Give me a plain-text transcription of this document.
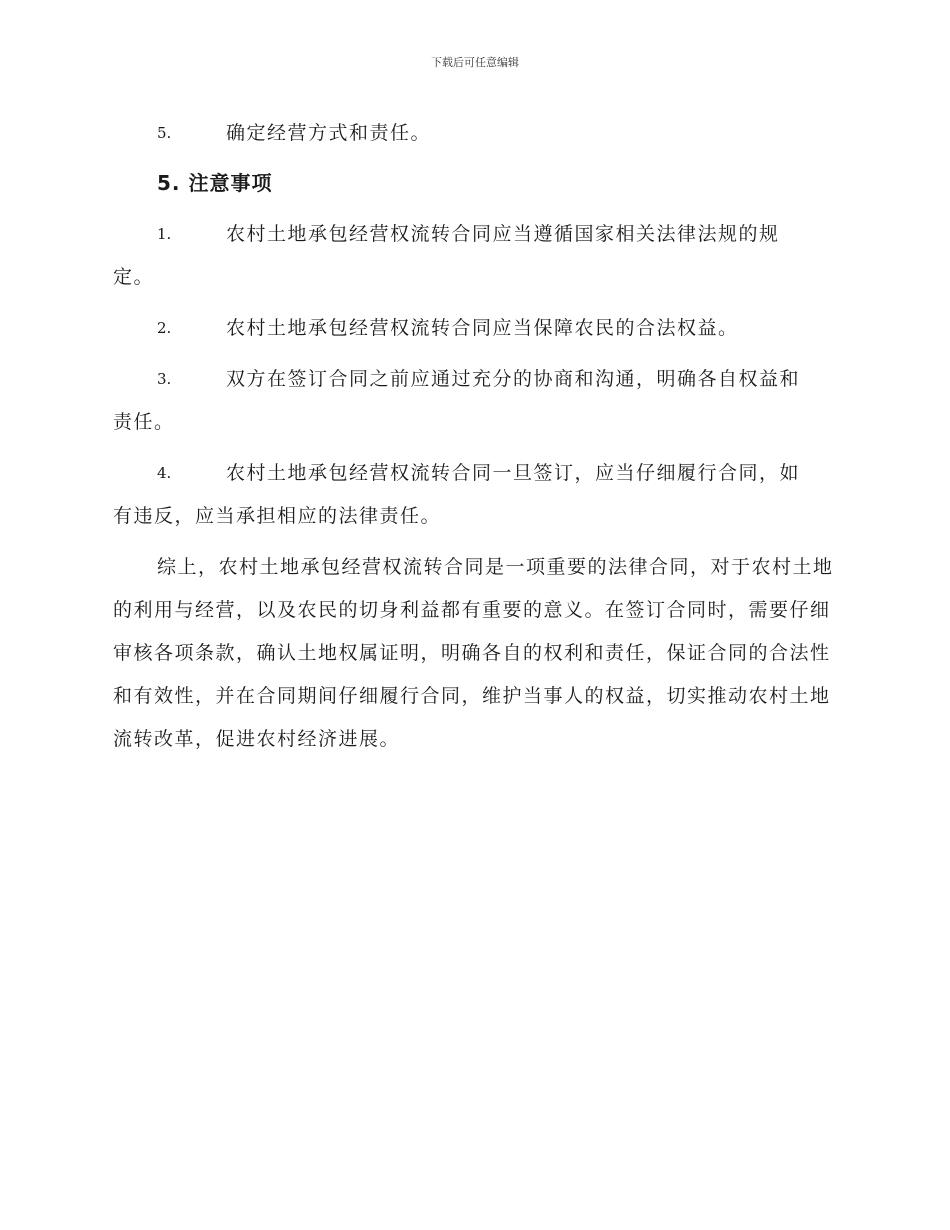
下载后可任意编辑
5.	确定经营方式和责任。
5. 注意事项
1.	农村土地承包经营权流转合同应当遵循国家相关法律法规的规
定。
2.	农村土地承包经营权流转合同应当保障农民的合法权益。
3.	双方在签订合同之前应通过充分的协商和沟通，明确各自权益和
责任。
4.	农村土地承包经营权流转合同一旦签订，应当仔细履行合同，如
有违反，应当承担相应的法律责任。

综上，农村土地承包经营权流转合同是一项重要的法律合同，对于农村土地的利用与经营，以及农民的切身利益都有重要的意义。在签订合同时，需要仔细审核各项条款，确认土地权属证明，明确各自的权利和责任，保证合同的合法性和有效性，并在合同期间仔细履行合同，维护当事人的权益，切实推动农村土地流转改革，促进农村经济进展。
